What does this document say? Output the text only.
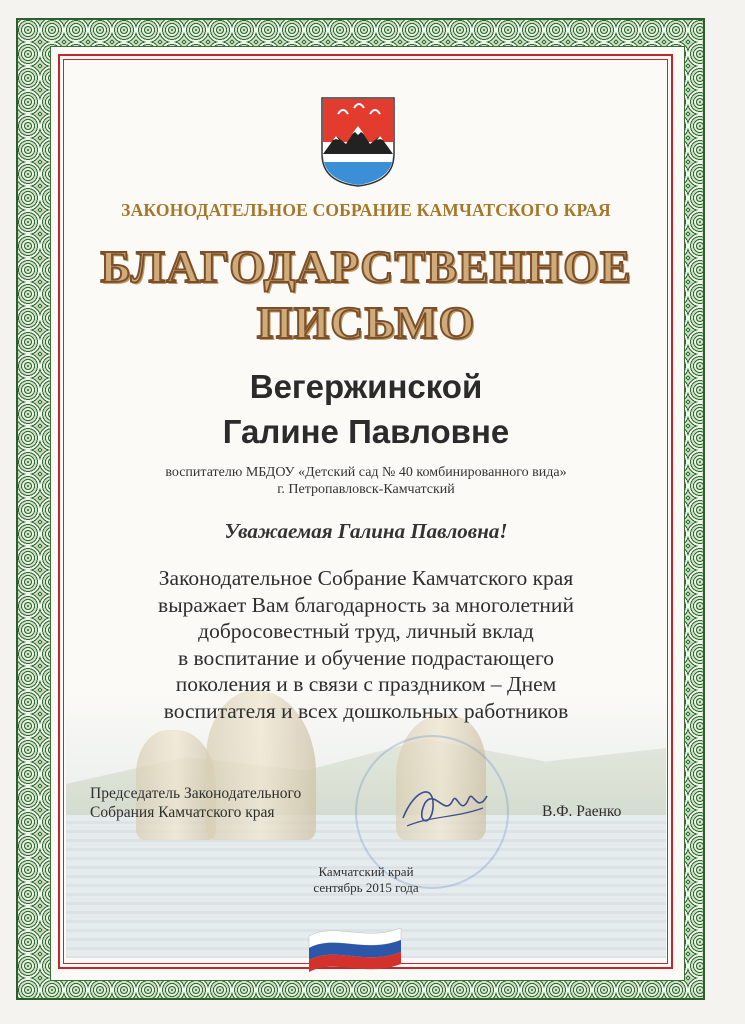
ЗАКОНОДАТЕЛЬНОЕ СОБРАНИЕ КАМЧАТСКОГО КРАЯ
БЛАГОДАРСТВЕННОЕ
ПИСЬМО
Вегержинской
Галине Павловне
воспитателю МБДОУ «Детский сад № 40 комбинированного вида»
г. Петропавловск-Камчатский
Уважаемая Галина Павловна!
Законодательное Собрание Камчатского края
выражает Вам благодарность за многолетний
добросовестный труд, личный вклад
в воспитание и обучение подрастающего
поколения и в связи с праздником – Днем
воспитателя и всех дошкольных работников
Председатель Законодательного
Собрания Камчатского края	В.Ф. Раенко
Камчатский край
сентябрь 2015 года
